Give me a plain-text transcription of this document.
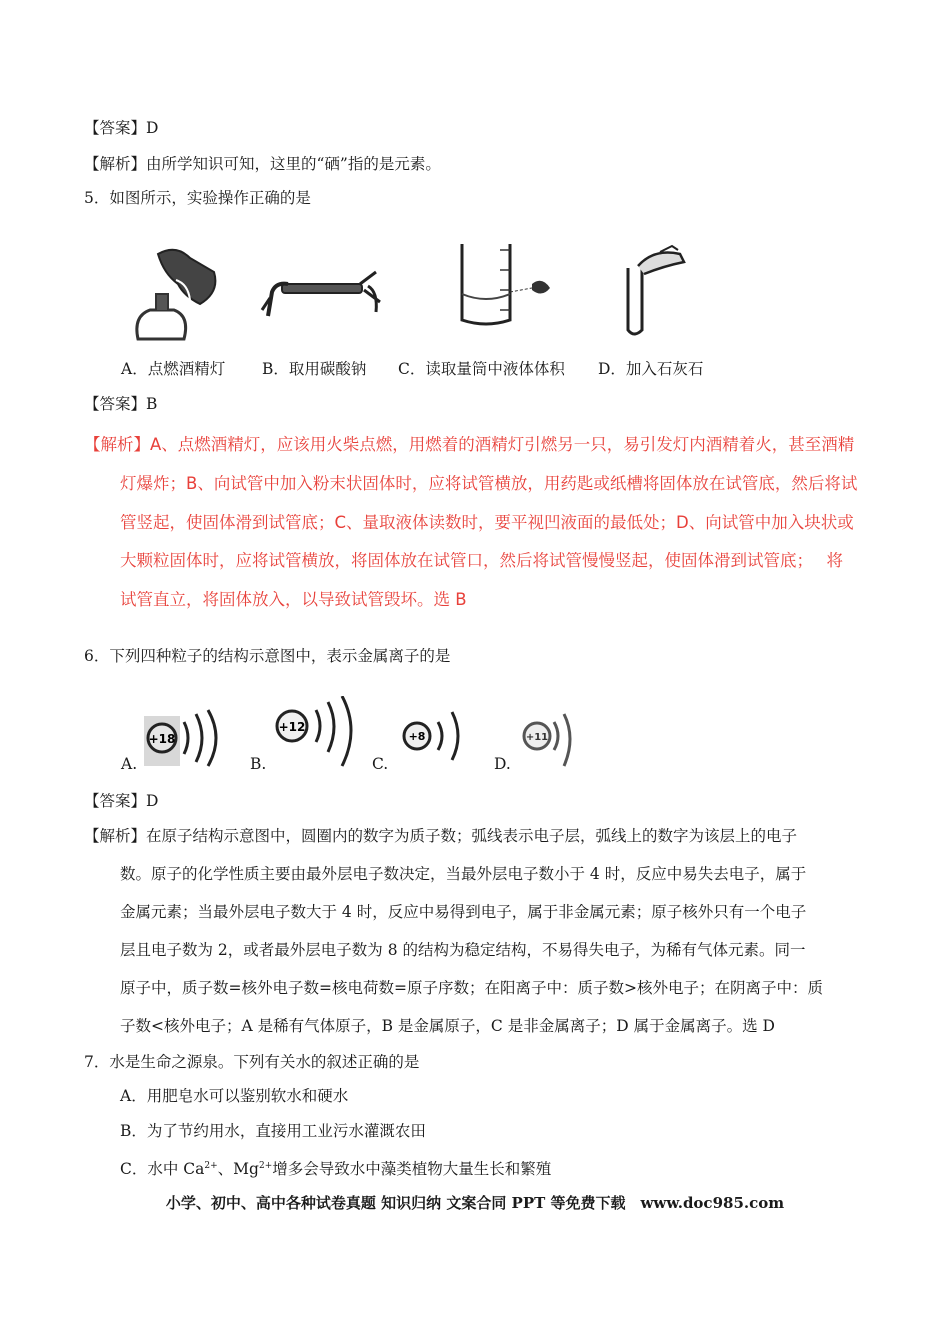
【答案】D
【解析】由所学知识可知，这里的“硒”指的是元素。
5．如图所示，实验操作正确的是
A．点燃酒精灯 B．取用碳酸钠 C．读取量筒中液体体积 D．加入石灰石
【答案】B
【解析】A、点燃酒精灯，应该用火柴点燃，用燃着的酒精灯引燃另一只，易引发灯内酒精着火，甚至酒精
灯爆炸；B、向试管中加入粉末状固体时，应将试管横放，用药匙或纸槽将固体放在试管底，然后将试
管竖起，使固体滑到试管底；C、量取液体读数时，要平视凹液面的最低处；D、向试管中加入块状或
大颗粒固体时，应将试管横放，将固体放在试管口，然后将试管慢慢竖起，使固体滑到试管底；　 将
试管直立，将固体放入，以导致试管毁坏。选 B
6．下列四种粒子的结构示意图中，表示金属离子的是
+18
+12
+8	+11
A.	B.	C.	D.
【答案】D
【解析】在原子结构示意图中，圆圈内的数字为质子数；弧线表示电子层，弧线上的数字为该层上的电子
数。原子的化学性质主要由最外层电子数决定，当最外层电子数小于 4 时，反应中易失去电子，属于
金属元素；当最外层电子数大于 4 时，反应中易得到电子，属于非金属元素；原子核外只有一个电子
层且电子数为 2，或者最外层电子数为 8 的结构为稳定结构，不易得失电子，为稀有气体元素。同一
原子中，质子数=核外电子数=核电荷数=原子序数；在阳离子中：质子数>核外电子；在阴离子中：质
子数<核外电子；A 是稀有气体原子，B 是金属原子，C 是非金属离子；D 属于金属离子。选 D
7．水是生命之源泉。下列有关水的叙述正确的是
A．用肥皂水可以鉴别软水和硬水
B．为了节约用水，直接用工业污水灌溉农田
C．水中 $Ca^{2+}$、$Mg^{2+}$增多会导致水中藻类植物大量生长和繁殖
小学、初中、高中各种试卷真题 知识归纳 文案合同 PPT 等免费下载　www.doc985.com
